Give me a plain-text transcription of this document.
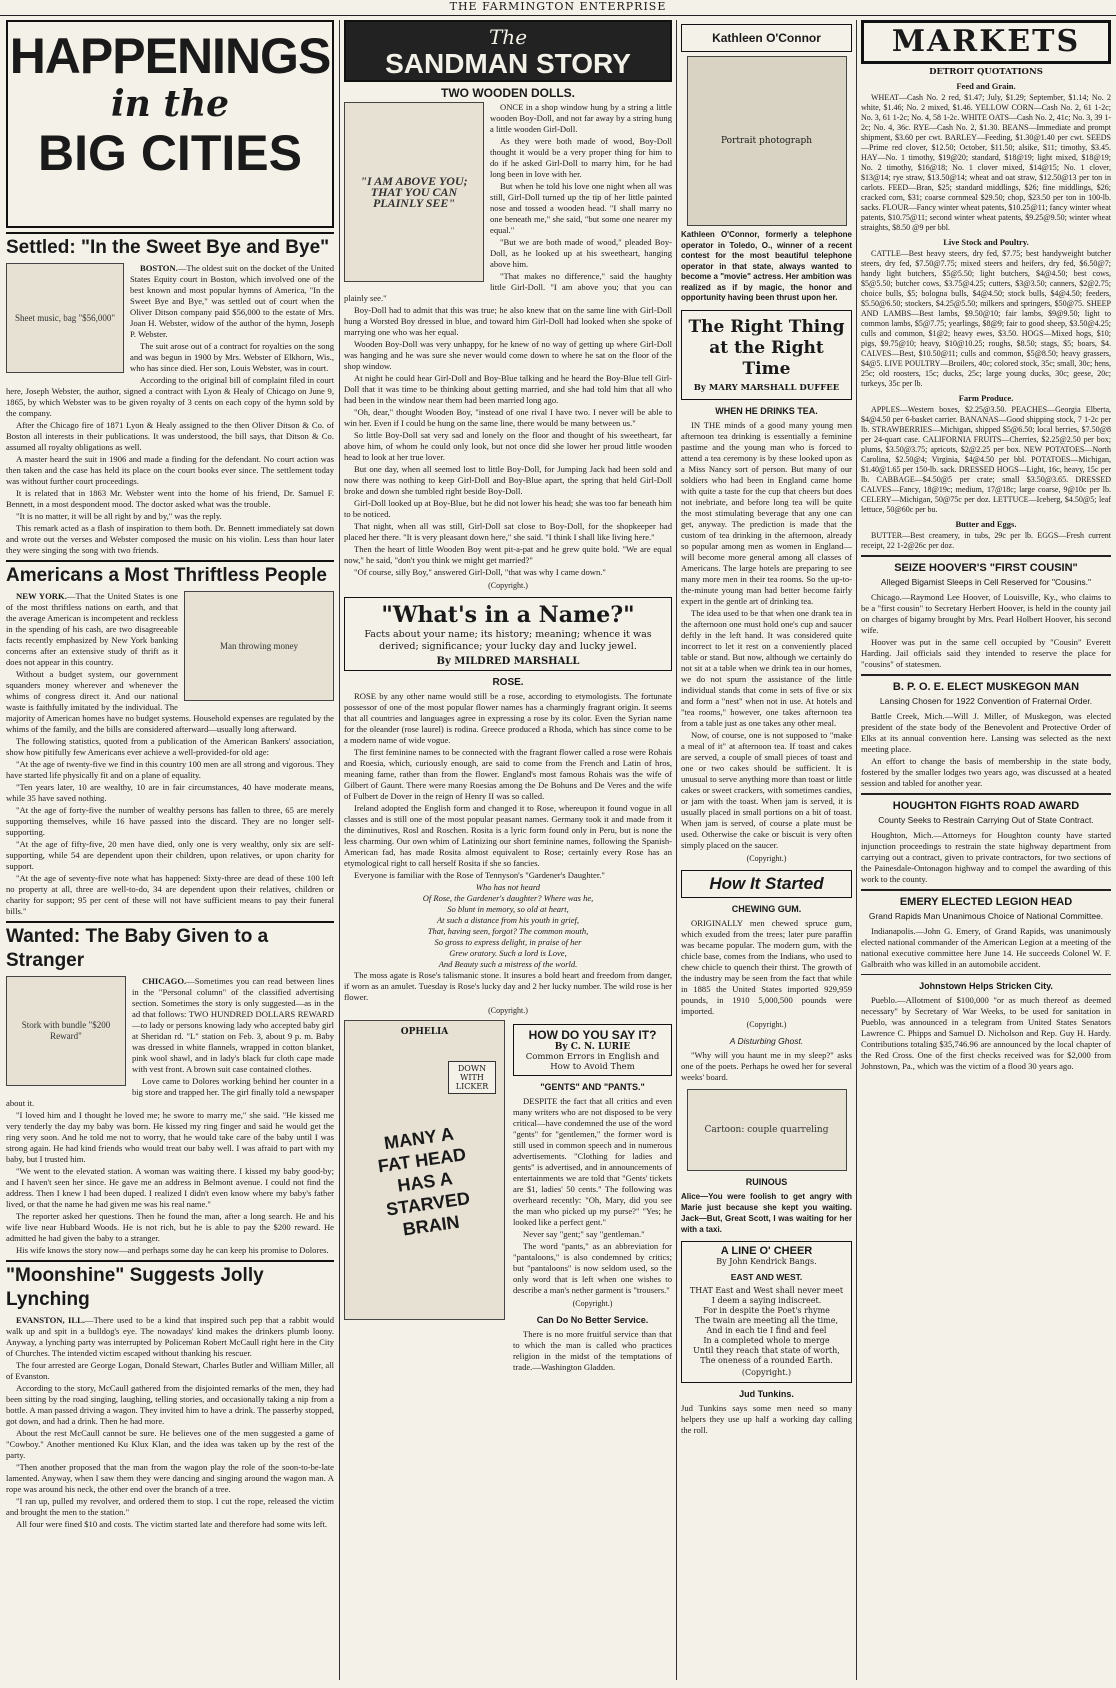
THE FARMINGTON ENTERPRISE
HAPPENINGS
in the
BIG CITIES
Settled: "In the Sweet Bye and Bye"
Sheet music, bag "$56,000"

BOSTON.—The oldest suit on the docket of the United States Equity court in Boston, which involved one of the best known and most popular hymns of America, "In the Sweet Bye and Bye," was settled out of court when the Oliver Ditson company paid $56,000 to the estate of Mrs. Joan H. Webster, widow of the author of the hymn, Joseph P. Webster.

The suit arose out of a contract for royalties on the song and was begun in 1900 by Mrs. Webster of Elkhorn, Wis., who has since died. Her son, Louis Webster, was in court.

According to the original bill of complaint filed in court here, Joseph Webster, the author, signed a contract with Lyon & Healy of Chicago on June 9, 1865, by which Webster was to be given royalty of 3 cents on each copy of the hymn sold by the company.

After the Chicago fire of 1871 Lyon & Healy assigned to the then Oliver Ditson & Co. of Boston all interests in their publications. It was understood, the bill says, that Ditson & Co. assumed all royalty obligations as well.

A master heard the suit in 1906 and made a finding for the defendant. No court action was then taken and the case has held its place on the court books ever since. The settlement today was without further court proceedings.

It is related that in 1863 Mr. Webster went into the home of his friend, Dr. Samuel F. Bennett, in a most despondent mood. The doctor asked what was the trouble.

"It is no matter, it will be all right by and by," was the reply.

This remark acted as a flash of inspiration to them both. Dr. Bennett immediately sat down and wrote out the verses and Webster composed the music on his violin. Less than hour later they were singing the song with two friends.

Americans a Most Thriftless People
Man throwing money

NEW YORK.—That the United States is one of the most thriftless nations on earth, and that the average American is incompetent and reckless in the spending of his cash, are two disagreeable facts recently emphasized by New York banking concerns after an extensive study of thrift as it does not appear in this country.

Without a budget system, our government squanders money wherever and whenever the whims of congress direct it. And our national waste is faithfully imitated by the individual. The majority of American homes have no budget systems. Household expenses are regulated by the whims of the family, and the bills are considered afterward—usually long afterward.

The following statistics, quoted from a publication of the American Bankers' association, show how pitifully few Americans ever achieve a well-provided-for old age:

"At the age of twenty-five we find in this country 100 men are all strong and vigorous. They have started life physically fit and on a plane of equality.

"Ten years later, 10 are wealthy, 10 are in fair circumstances, 40 have moderate means, while 35 have saved nothing.

"At the age of forty-five the number of wealthy persons has fallen to three, 65 are merely supporting themselves, while 16 have passed into the discard. They are no longer self-supporting.

"At the age of fifty-five, 20 men have died, only one is very wealthy, only six are self-supporting, while 54 are dependent upon their children, upon relatives, or upon charity for support.

"At the age of seventy-five note what has happened: Sixty-three are dead of these 100 left no property at all, three are well-to-do, 34 are dependent upon their relatives, children or charity for support; 95 per cent of these will not have sufficient means to pay their funeral bills."

Wanted: The Baby Given to a Stranger
Stork with bundle "$200 Reward"

CHICAGO.—Sometimes you can read between lines in the "Personal column" of the classified advertising section. Sometimes the story is only suggested—as in the ad that follows: TWO HUNDRED DOLLARS REWARD—to lady or persons knowing lady who accepted baby girl at Sheridan rd. "L" station on Feb. 3, about 9 p. m. Baby was dressed in white flannels, wrapped in cotton blanket, pink wool shawl, and in lady's black fur cloth cape made with vest front. A brown suit case contained clothes.

Love came to Dolores working behind her counter in a big store and trapped her. The girl finally told a newspaper about it.

"I loved him and I thought he loved me; he swore to marry me," she said. "He kissed me very tenderly the day my baby was born. He kissed my ring finger and said he would get the ring very soon. And he told me not to worry, that he would take care of the baby until I was strong again. He had kind friends who would treat our baby well. I was afraid to part with my baby, but I trusted him.

"We went to the elevated station. A woman was waiting there. I kissed my baby good-by; and I haven't seen her since. He gave me an address in Belmont avenue. I could not find the address. Then I knew I had been duped. I realized I didn't even know where my baby's father lived, or that the name he had given me was his real name."

The reporter asked her questions. Then he found the man, after a long search. He and his wife live near Hubbard Woods. He is not rich, but he is able to pay the $200 reward. He admitted he had given the baby to a stranger.

His wife knows the story now—and perhaps some day he can keep his promise to Dolores.

"Moonshine" Suggests Jolly Lynching

EVANSTON, ILL.—There used to be a kind that inspired such pep that a rabbit would walk up and spit in a bulldog's eye. The nowadays' kind makes the drinkers plumb loony. Anyway, a lynching party was interrupted by Policeman Robert McCaull right here in the City of Churches. The intended victim escaped without thanking his rescuer.

The four arrested are George Logan, Donald Stewart, Charles Butler and William Miller, all of Evanston.

According to the story, McCaull gathered from the disjointed remarks of the men, they had been sitting by the road singing, laughing, telling stories, and occasionally taking a nip from a bottle. A man passed driving a wagon. They invited him to have a drink. The passerby stopped, got down, and had a drink. Then he had more.

About the rest McCaull cannot be sure. He believes one of the men suggested a game of "Cowboy." Another mentioned Ku Klux Klan, and the idea was taken up by the rest of the party.

"Then another proposed that the man from the wagon play the role of the soon-to-be-late lamented. Anyway, when I saw them they were dancing and singing around the wagon man. A rope was around his neck, the other end over the branch of a tree.

"I ran up, pulled my revolver, and ordered them to stop. I cut the rope, released the victim and brought the men to the station."

All four were fined $10 and costs. The victim started late and therefore had some wits left.

The
SANDMAN STORY
TWO WOODEN DOLLS.
"I AM ABOVE YOU; THAT YOU CAN PLAINLY SEE"

ONCE in a shop window hung by a string a little wooden Boy-Doll, and not far away by a string hung a little wooden Girl-Doll.

As they were both made of wood, Boy-Doll thought it would be a very proper thing for him to do if he asked Girl-Doll to marry him, for he had long been in love with her.

But when he told his love one night when all was still, Girl-Doll turned up the tip of her little painted nose and tossed a wooden head. "I shall marry no one beneath me," she said, "but some one nearer my equal."

"But we are both made of wood," pleaded Boy-Doll, as he looked up at his sweetheart, hanging above him.

"That makes no difference," said the haughty little Girl-Doll. "I am above you; that you can plainly see."

Boy-Doll had to admit that this was true; he also knew that on the same line with Girl-Doll hung a Worsted Boy dressed in blue, and toward him Girl-Doll had looked when she spoke of marrying one who was her equal.

Wooden Boy-Doll was very unhappy, for he knew of no way of getting up where Girl-Doll was hanging and he was sure she never would come down to where he sat on the floor of the shop window.

At night he could hear Girl-Doll and Boy-Blue talking and he heard the Boy-Blue tell Girl-Doll that it was time to be thinking about getting married, and she had told him that all who had been in the window near them had been married long ago.

"Oh, dear," thought Wooden Boy, "instead of one rival I have two. I never will be able to win her. Even if I could be hung on the same line, there would be many between us."

So little Boy-Doll sat very sad and lonely on the floor and thought of his sweetheart, far above him, of whom he could only look, but not once did she lower her proud little wooden head to look at her true lover.

But one day, when all seemed lost to little Boy-Doll, for Jumping Jack had been sold and now there was nothing to keep Girl-Doll and Boy-Blue apart, the spring that held Girl-Doll broke and down she tumbled right beside Boy-Doll.

Girl-Doll looked up at Boy-Blue, but he did not lower his head; she was too far beneath him to be noticed.

That night, when all was still, Girl-Doll sat close to Boy-Doll, for the shopkeeper had placed her there. "It is very pleasant down here," she said. "I think I shall like living here."

Then the heart of little Wooden Boy went pit-a-pat and he grew quite bold. "We are equal now," he said, "don't you think we might get married?"

"Of course, silly Boy," answered Girl-Doll, "that was why I came down."

(Copyright.)
"What's in a Name?"
Facts about your name; its history; meaning; whence it was derived; significance; your lucky day and lucky jewel.
By MILDRED MARSHALL
ROSE.

ROSE by any other name would still be a rose, according to etymologists. The fortunate possessor of one of the most popular flower names has a charmingly fragrant origin. It seems that all countries and languages agree in expressing a rose by its color. Even the Syrian name for the oleander (rose laurel) is rodina. Greece produced a Rhoda, which has since come to be a modern name of wide vogue.

The first feminine names to be connected with the fragrant flower called a rose were Rohais and Roesia, which, curiously enough, are said to come from the French and Latin of hros, meaning fame, rather than from the flower. England's most famous Rohais was the wife of Gilbert of Gaunt. There were many Roesias among the De Bohuns and De Veres and the wife of Fulbert de Dover in the reign of Henry II was so called.

Ireland adopted the English form and changed it to Rose, whereupon it found vogue in all classes and is still one of the most popular peasant names. Germany took it and made from it the diminutives, Rosl and Roschen. Rosita is a lyric form found only in Peru, but is none the less charming. Our own whim of Latinizing our short feminine names, following the Spanish-American fad, has made Rosita almost equivalent to Rose; certainly every Rose has an etymological right to call herself Rosita if she so fancies.

Everyone is familiar with the Rose of Tennyson's "Gardener's Daughter."

Who has not heard
Of Rose, the Gardener's daughter? Where was he,
So blunt in memory, so old at heart,
At such a distance from his youth in grief,
That, having seen, forgot? The common mouth,
So gross to express delight, in praise of her
Grew oratory. Such a lord is Love,
And Beauty such a mistress of the world.

The moss agate is Rose's talismanic stone. It insures a bold heart and freedom from danger, if worn as an amulet. Tuesday is Rose's lucky day and 2 her lucky number. The wild rose is her flower.

(Copyright.)
OPHELIA
MANY A FAT HEAD HAS A STARVED BRAIN
DOWN WITH LICKER
HOW DO YOU SAY IT?
By C. N. LURIE
Common Errors in English and How to Avoid Them
"GENTS" AND "PANTS."

DESPITE the fact that all critics and even many writers who are not disposed to be very critical—have condemned the use of the word "gents" for "gentlemen," the former word is still used in common speech and in numerous advertisements. "Clothing for ladies and gents" is advertised, and in announcements of entertainments we are told that "Gents' tickets are $1, ladies' 50 cents." The following was overheard recently: "Oh, Mary, did you see the man who picked up my purse?" "Yes; he looked like a perfect gent."

Never say "gent;" say "gentleman."

The word "pants," as an abbreviation for "pantaloons," is also condemned by critics; but "pantaloons" is now seldom used, so the only word that is left when one wishes to describe a man's nether garment is "trousers."

(Copyright.)
Can Do No Better Service.

There is no more fruitful service than that to which the man is called who practices religion in the midst of the temptations of trade.—Washington Gladden.

Kathleen O'Connor
Portrait photograph
Kathleen O'Connor, formerly a telephone operator in Toledo, O., winner of a recent contest for the most beautiful telephone operator in that state, always wanted to become a "movie" actress. Her ambition was realized as if by magic, the honor and opportunity having been thrust upon her.
The Right Thing
at the Right Time
By MARY MARSHALL DUFFEE
WHEN HE DRINKS TEA.

IN THE minds of a good many young men afternoon tea drinking is essentially a feminine pastime and the young man who is forced to attend a tea ceremony is by these looked upon as a Miss Nancy sort of person. But many of our soldiers who had been in England came home with quite a taste for the cup that cheers but does not inebriate, and before long tea will be quite the most stimulating beverage that any one can get, anyway. The prediction is made that the custom of tea drinking in the afternoon, already so popular among men as women in England—will become more general among all classes of Americans. The large hotels are preparing to see many more men in their tea rooms. So the up-to-the-minute young man had better become fairly expert in the gentle art of drinking tea.

The idea used to be that when one drank tea in the afternoon one must hold one's cup and saucer deftly in the left hand. It was considered quite incorrect to let it rest on a conveniently placed table or stand. But now, although we certainly do not sit at a table when we drink tea in our homes, we do not spurn the assistance of the little individual stands that come in sets of five or six and form a "nest" when not in use. At hotels and "tea rooms," however, one takes afternoon tea from a table just as one takes any other meal.

Now, of course, one is not supposed to "make a meal of it" at afternoon tea. If toast and cakes are served, a couple of small pieces of toast and one or two cakes should be sufficient. It is unusual to serve anything more than toast or little cakes or sweet crackers, with sometimes candies, or jam with the toast. When jam is served, it is usually placed in small portions on a bit of toast. When jam is served, of course a plate must be used. Otherwise the cake or biscuit is very often simply placed on the saucer.

(Copyright.)
How It Started
CHEWING GUM.

ORIGINALLY men chewed spruce gum, which exuded from the trees; later pure paraffin was became popular. The modern gum, with the chicle base, comes from the Indians, who used to chew chicle to quench their thirst. The growth of the industry may be seen from the fact that while in 1885 the United States imported 929,959 pounds, in 1910 5,000,500 pounds were imported.

(Copyright.)
A Disturbing Ghost.

"Why will you haunt me in my sleep?" asks one of the poets. Perhaps he owed her for several weeks' board.

Cartoon: couple quarreling
RUINOUS
Alice—You were foolish to get angry with Marie just because she kept you waiting. Jack—But, Great Scott, I was waiting for her with a taxi.
A LINE O' CHEER
By John Kendrick Bangs.
EAST AND WEST.
THAT East and West shall never meet
I deem a saying indiscreet.
For in despite the Poet's rhyme
The twain are meeting all the time,
And in each tie I find and feel
In a completed whole to merge
Until they reach that state of worth,
The oneness of a rounded Earth.
(Copyright.)
Jud Tunkins.
Jud Tunkins says some men need so many helpers they use up half a working day calling the roll.
MARKETS
DETROIT QUOTATIONS
Feed and Grain.

WHEAT—Cash No. 2 red, $1.47; July, $1.29; September, $1.14; No. 2 white, $1.46; No. 2 mixed, $1.46. YELLOW CORN—Cash No. 2, 61 1-2c; No. 3, 61 1-2c; No. 4, 58 1-2c. WHITE OATS—Cash No. 2, 41c; No. 3, 39 1-2c; No. 4, 36c. RYE—Cash No. 2, $1.30. BEANS—Immediate and prompt shipment, $3.60 per cwt. BARLEY—Feeding, $1.30@1.40 per cwt. SEEDS—Prime red clover, $12.50; October, $11.50; alsike, $11; timothy, $3.45. HAY—No. 1 timothy, $19@20; standard, $18@19; light mixed, $18@19; No. 2 timothy, $16@18; No. 1 clover mixed, $14@15; No. 1 clover, $13@14; rye straw, $13.50@14; wheat and oat straw, $12.50@13 per ton in carlots. FEED—Bran, $25; standard middlings, $26; fine middlings, $26; cracked corn, $31; coarse cornmeal $29.50; chop, $23.50 per ton in 100-lb. sacks. FLOUR—Fancy winter wheat patents, $10.25@11; fancy winter wheat patents, $10.75@11; second winter wheat patents, $9.25@9.50; winter wheat straights, $8.50 @9 per bbl.

Live Stock and Poultry.

CATTLE—Best heavy steers, dry fed, $7.75; best handyweight butcher steers, dry fed, $7.50@7.75; mixed steers and heifers, dry fed, $6.50@7; handy light butchers, $5@5.50; light butchers, $4@4.50; best cows, $5@5.50; butcher cows, $3.75@4.25; cutters, $3@3.50; canners, $2@2.75; choice bulls, $5; bologna bulls, $4@4.50; stock bulls, $4@4.50; feeders, $5.50@6.50; stockers, $4.25@5.50; milkers and springers, $50@75. SHEEP AND LAMBS—Best lambs, $9.50@10; fair lambs, $9@9.50; light to common lambs, $5@7.75; yearlings, $8@9; fair to good sheep, $3.50@4.25; culls and common, $1@2; heavy ewes, $3.50. HOGS—Mixed hogs, $10; pigs, $9.75@10; heavy, $10@10.25; roughs, $8.50; stags, $5; boars, $4. CALVES—Best, $10.50@11; culls and common, $5@8.50; heavy grassers, $4@5. LIVE POULTRY—Broilers, 40c; colored stock, 35c; small, 30c; hens, 25c; old roosters, 15c; ducks, 25c; large young ducks, 30c; geese, 20c; turkeys, 35c per lb.

Farm Produce.

APPLES—Western boxes, $2.25@3.50. PEACHES—Georgia Elberta, $4@4.50 per 6-basket carrier. BANANAS—Good shipping stock, 7 1-2c per lb. STRAWBERRIES—Michigan, shipped $5@6.50; local berries, $7.50@8 per 24-quart case. CALIFORNIA FRUITS—Cherries, $2.25@2.50 per box; plums, $3.50@3.75; apricots, $2@2.25 per box. NEW POTATOES—North Carolina, $2.50@4; Virginia, $4@4.50 per bbl. POTATOES—Michigan, $1.40@1.65 per 150-lb. sack. DRESSED HOGS—Light, 16c, heavy, 15c per lb. CABBAGE—$4.50@5 per crate; small $3.50@3.65. DRESSED CALVES—Fancy, 18@19c; medium, 17@18c; large coarse, 9@10c per lb. CELERY—Michigan, 50@75c per doz. LETTUCE—Iceberg, $4.50@5; leaf lettuce, 50@60c per bu.

Butter and Eggs.

BUTTER—Best creamery, in tubs, 29c per lb. EGGS—Fresh current receipt, 22 1-2@26c per doz.

SEIZE HOOVER'S "FIRST COUSIN"
Alleged Bigamist Sleeps in Cell Reserved for "Cousins."

Chicago.—Raymond Lee Hoover, of Louisville, Ky., who claims to be a "first cousin" to Secretary Herbert Hoover, is held in the county jail on charges of bigamy brought by Mrs. Pearl Holbert Hoover, his second wife.

Hoover was put in the same cell occupied by "Cousin" Everett Harding. Jail officials said they intended to reserve the place for "cousins" of statesmen.

B. P. O. E. ELECT MUSKEGON MAN
Lansing Chosen for 1922 Convention of Fraternal Order.

Battle Creek, Mich.—Will J. Miller, of Muskegon, was elected president of the state body of the Benevolent and Protective Order of Elks at its annual convention here. Lansing was selected as the next meeting place.

An effort to change the basis of membership in the state body, fostered by the smaller lodges two years ago, was discussed at a heated session and tabled for another year.

HOUGHTON FIGHTS ROAD AWARD
County Seeks to Restrain Carrying Out of State Contract.

Houghton, Mich.—Attorneys for Houghton county have started injunction proceedings to restrain the state highway department from carrying out a contract, given to private contractors, for two sections of the Painesdale-Ontonagon highway and to compel the awarding of this work to the county.

EMERY ELECTED LEGION HEAD
Grand Rapids Man Unanimous Choice of National Committee.

Indianapolis.—John G. Emery, of Grand Rapids, was unanimously elected national commander of the American Legion at a meeting of the national executive committee here June 14. He succeeds Colonel W. F. Galbraith who was killed in an automobile accident.

Johnstown Helps Stricken City.

Pueblo.—Allotment of $100,000 "or as much thereof as deemed necessary" by Secretary of War Weeks, to be used for sanitation in Pueblo, was announced in a telegram from United States Senators Lawrence C. Phipps and Samuel D. Nicholson and Rep. Guy H. Hardy. Contributions totaling $35,746.96 are announced by the local chapter of the Red Cross. One of the first checks received was for $2,000 from Johnstown, Pa., which was the victim of a flood 30 years ago.
